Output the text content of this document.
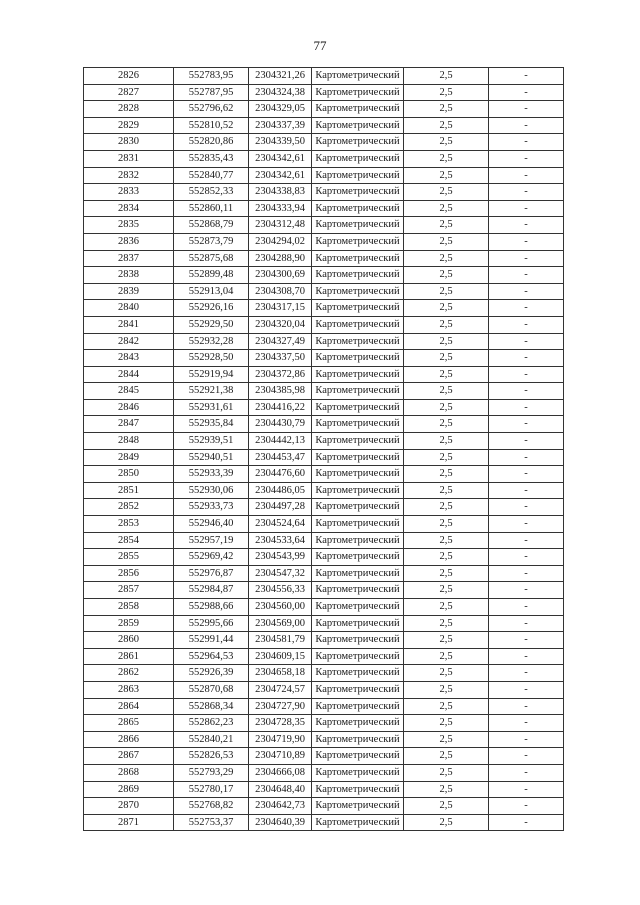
77
2826	552783,95	2304321,26	Картометрический	2,5	-
2827	552787,95	2304324,38	Картометрический	2,5	-
2828	552796,62	2304329,05	Картометрический	2,5	-
2829	552810,52	2304337,39	Картометрический	2,5	-
2830	552820,86	2304339,50	Картометрический	2,5	-
2831	552835,43	2304342,61	Картометрический	2,5	-
2832	552840,77	2304342,61	Картометрический	2,5	-
2833	552852,33	2304338,83	Картометрический	2,5	-
2834	552860,11	2304333,94	Картометрический	2,5	-
2835	552868,79	2304312,48	Картометрический	2,5	-
2836	552873,79	2304294,02	Картометрический	2,5	-
2837	552875,68	2304288,90	Картометрический	2,5	-
2838	552899,48	2304300,69	Картометрический	2,5	-
2839	552913,04	2304308,70	Картометрический	2,5	-
2840	552926,16	2304317,15	Картометрический	2,5	-
2841	552929,50	2304320,04	Картометрический	2,5	-
2842	552932,28	2304327,49	Картометрический	2,5	-
2843	552928,50	2304337,50	Картометрический	2,5	-
2844	552919,94	2304372,86	Картометрический	2,5	-
2845	552921,38	2304385,98	Картометрический	2,5	-
2846	552931,61	2304416,22	Картометрический	2,5	-
2847	552935,84	2304430,79	Картометрический	2,5	-
2848	552939,51	2304442,13	Картометрический	2,5	-
2849	552940,51	2304453,47	Картометрический	2,5	-
2850	552933,39	2304476,60	Картометрический	2,5	-
2851	552930,06	2304486,05	Картометрический	2,5	-
2852	552933,73	2304497,28	Картометрический	2,5	-
2853	552946,40	2304524,64	Картометрический	2,5	-
2854	552957,19	2304533,64	Картометрический	2,5	-
2855	552969,42	2304543,99	Картометрический	2,5	-
2856	552976,87	2304547,32	Картометрический	2,5	-
2857	552984,87	2304556,33	Картометрический	2,5	-
2858	552988,66	2304560,00	Картометрический	2,5	-
2859	552995,66	2304569,00	Картометрический	2,5	-
2860	552991,44	2304581,79	Картометрический	2,5	-
2861	552964,53	2304609,15	Картометрический	2,5	-
2862	552926,39	2304658,18	Картометрический	2,5	-
2863	552870,68	2304724,57	Картометрический	2,5	-
2864	552868,34	2304727,90	Картометрический	2,5	-
2865	552862,23	2304728,35	Картометрический	2,5	-
2866	552840,21	2304719,90	Картометрический	2,5	-
2867	552826,53	2304710,89	Картометрический	2,5	-
2868	552793,29	2304666,08	Картометрический	2,5	-
2869	552780,17	2304648,40	Картометрический	2,5	-
2870	552768,82	2304642,73	Картометрический	2,5	-
2871	552753,37	2304640,39	Картометрический	2,5	-
